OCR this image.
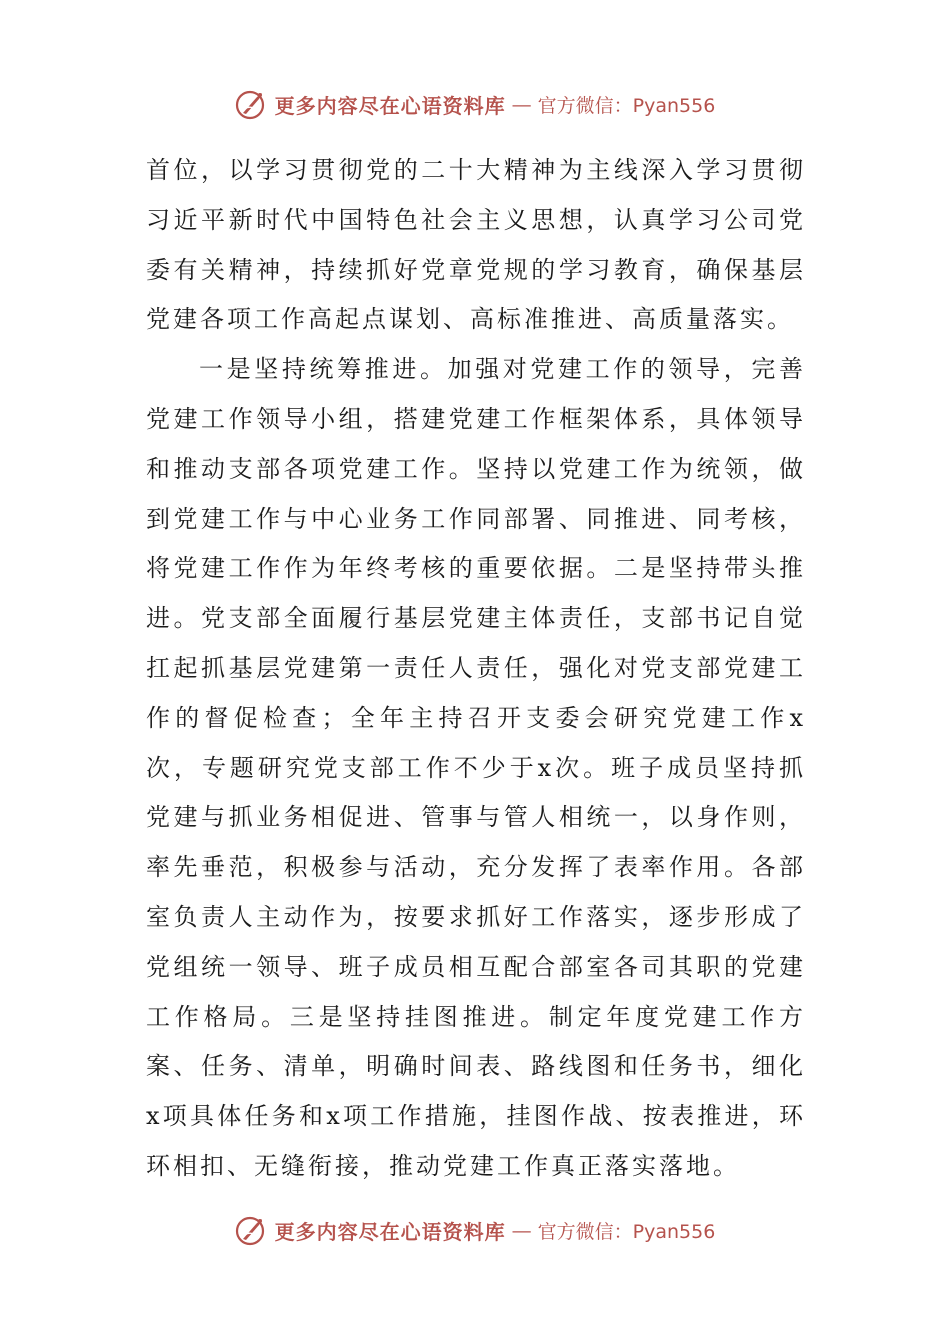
更多内容尽在心语资料库 — 官方微信：Pyan556

首位，以学习贯彻党的二十大精神为主线深入学习贯彻习近平新时代中国特色社会主义思想，认真学习公司党委有关精神，持续抓好党章党规的学习教育，确保基层党建各项工作高起点谋划、高标准推进、高质量落实。

一是坚持统筹推进。加强对党建工作的领导，完善党建工作领导小组，搭建党建工作框架体系，具体领导和推动支部各项党建工作。坚持以党建工作为统领，做到党建工作与中心业务工作同部署、同推进、同考核，将党建工作作为年终考核的重要依据。二是坚持带头推进。党支部全面履行基层党建主体责任，支部书记自觉扛起抓基层党建第一责任人责任，强化对党支部党建工作的督促检查；全年主持召开支委会研究党建工作x次，专题研究党支部工作不少于x次。班子成员坚持抓党建与抓业务相促进、管事与管人相统一，以身作则，率先垂范，积极参与活动，充分发挥了表率作用。各部室负责人主动作为，按要求抓好工作落实，逐步形成了党组统一领导、班子成员相互配合部室各司其职的党建工作格局。三是坚持挂图推进。制定年度党建工作方案、任务、清单，明确时间表、路线图和任务书，细化x项具体任务和x项工作措施，挂图作战、按表推进，环环相扣、无缝衔接，推动党建工作真正落实落地。

更多内容尽在心语资料库 — 官方微信：Pyan556
